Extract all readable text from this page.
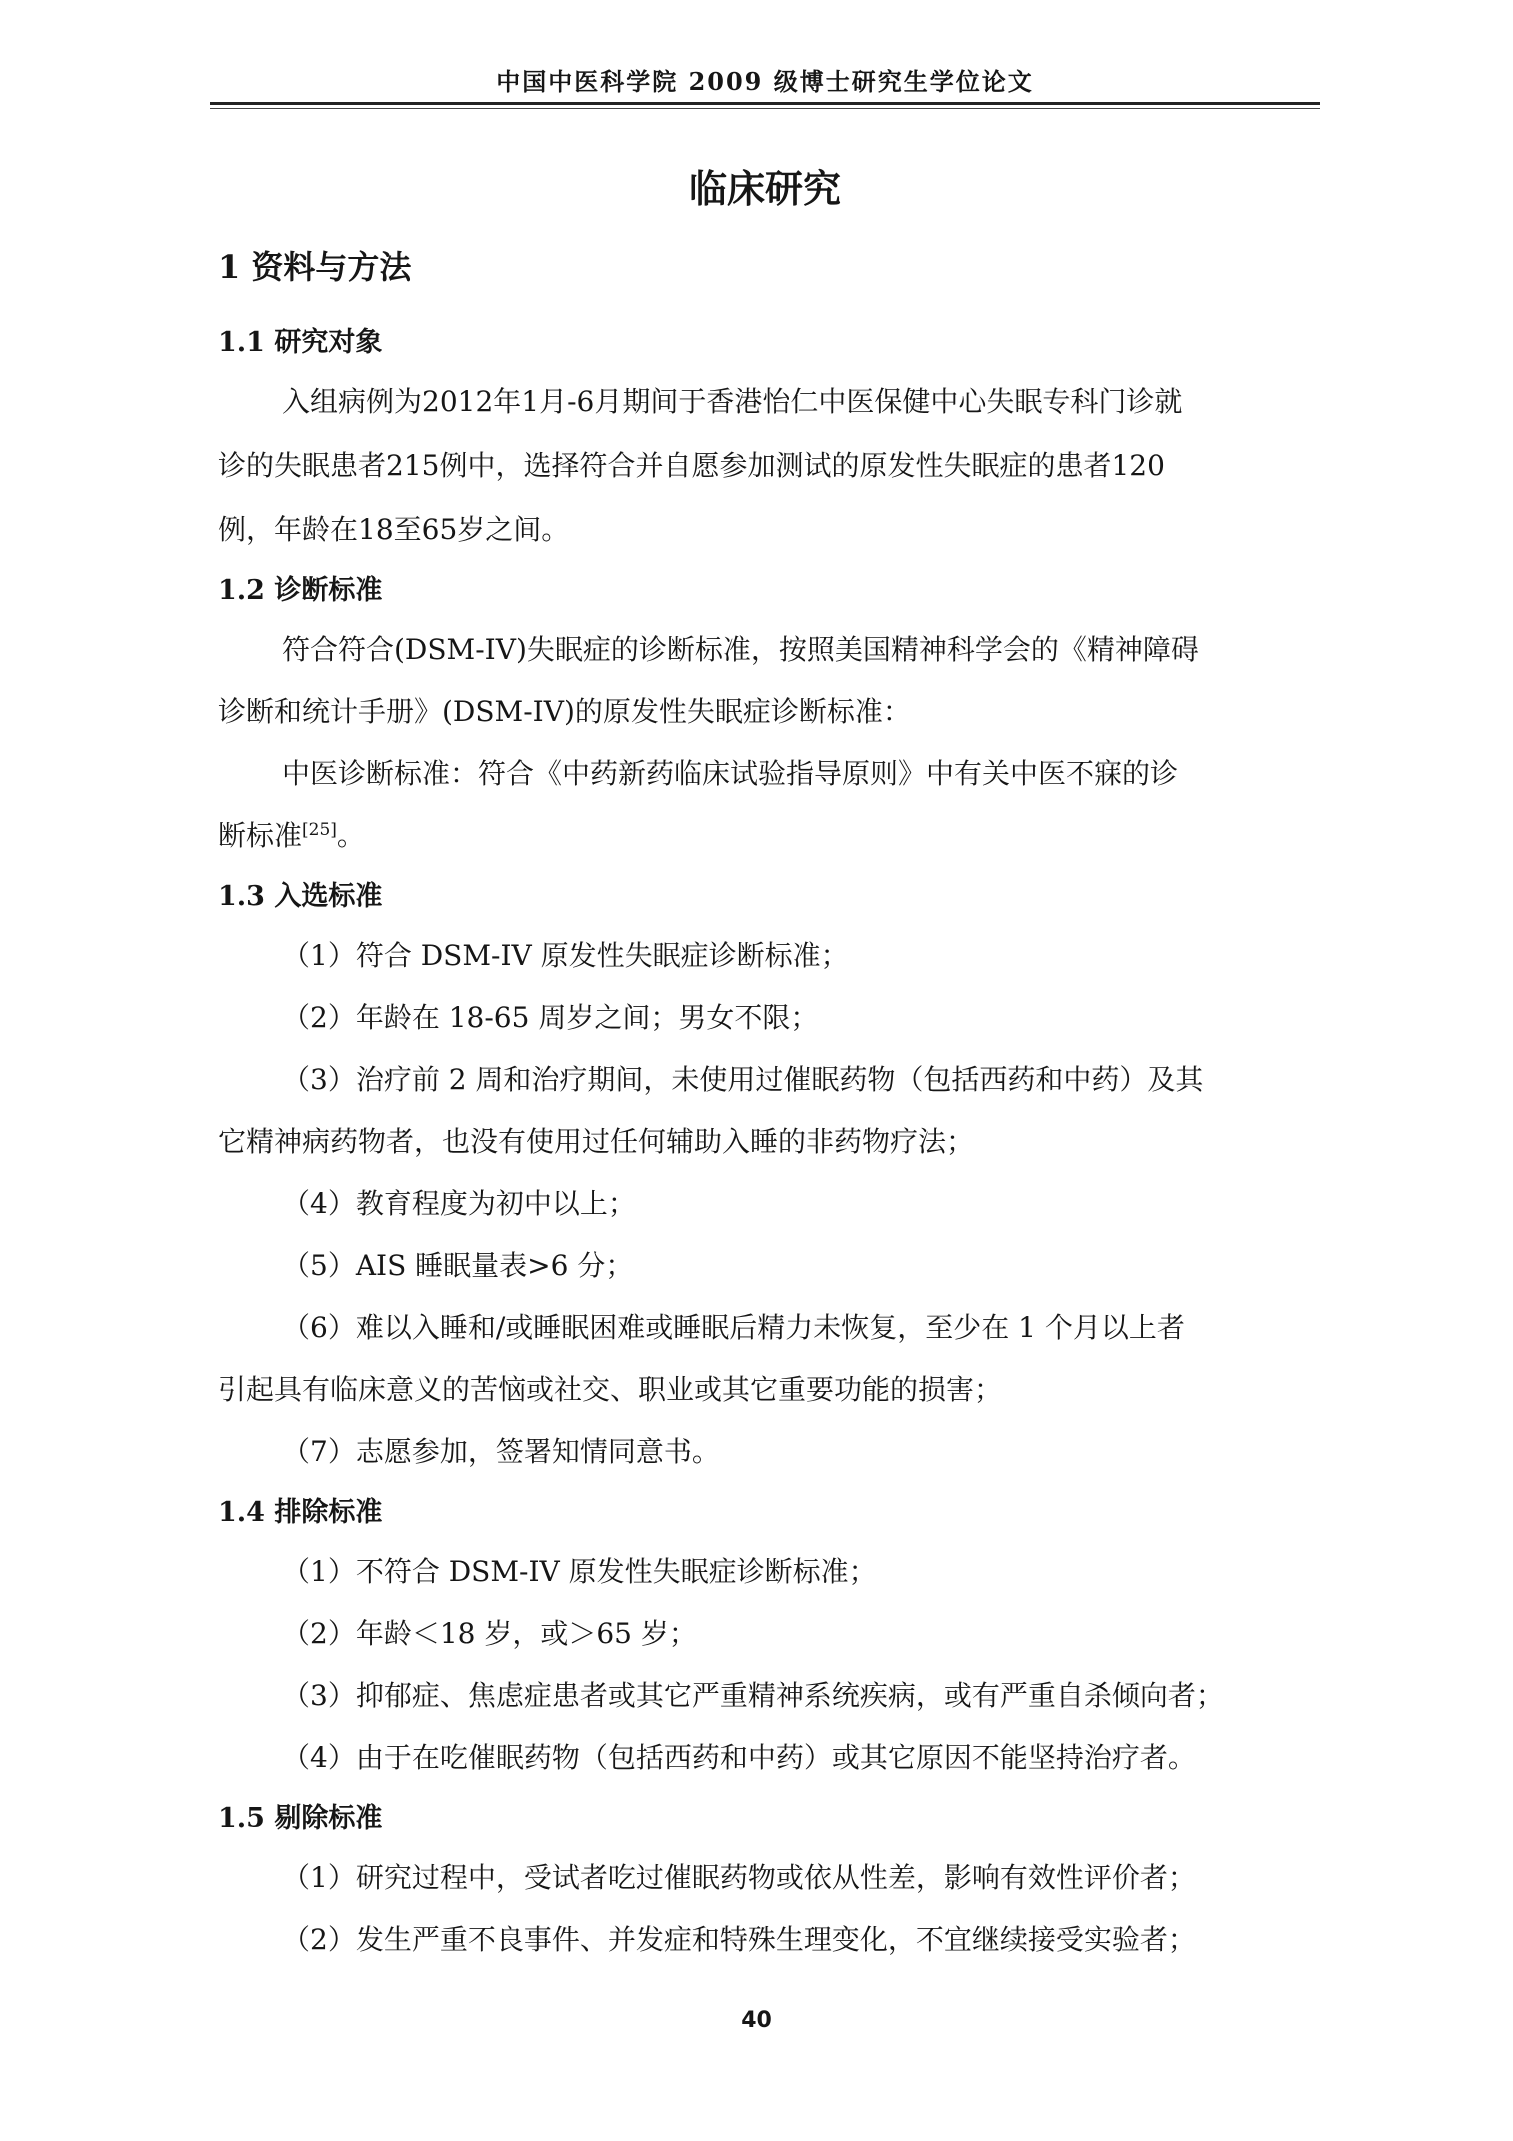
中国中医科学院 2009 级博士研究生学位论文
临床研究
1 资料与方法
1.1 研究对象
入组病例为2012年1月-6月期间于香港怡仁中医保健中心失眠专科门诊就
诊的失眠患者215例中，选择符合并自愿参加测试的原发性失眠症的患者120
例，年龄在18至65岁之间。
1.2 诊断标准
符合符合(DSM-IV)失眠症的诊断标准，按照美国精神科学会的《精神障碍
诊断和统计手册》(DSM-IV)的原发性失眠症诊断标准：
中医诊断标准：符合《中药新药临床试验指导原则》中有关中医不寐的诊
断标准[25]。
1.3 入选标准
（1）符合 DSM-IV 原发性失眠症诊断标准；
（2）年龄在 18-65 周岁之间；男女不限；
（3）治疗前 2 周和治疗期间，未使用过催眠药物（包括西药和中药）及其
它精神病药物者，也没有使用过任何辅助入睡的非药物疗法；
（4）教育程度为初中以上；
（5）AIS 睡眠量表>6 分；
（6）难以入睡和/或睡眠困难或睡眠后精力未恢复，至少在 1 个月以上者
引起具有临床意义的苦恼或社交、职业或其它重要功能的损害；
（7）志愿参加，签署知情同意书。
1.4 排除标准
（1）不符合 DSM-IV 原发性失眠症诊断标准；
（2）年龄＜18 岁，或＞65 岁；
（3）抑郁症、焦虑症患者或其它严重精神系统疾病，或有严重自杀倾向者；
（4）由于在吃催眠药物（包括西药和中药）或其它原因不能坚持治疗者。
1.5 剔除标准
（1）研究过程中，受试者吃过催眠药物或依从性差，影响有效性评价者；
（2）发生严重不良事件、并发症和特殊生理变化，不宜继续接受实验者；
40
